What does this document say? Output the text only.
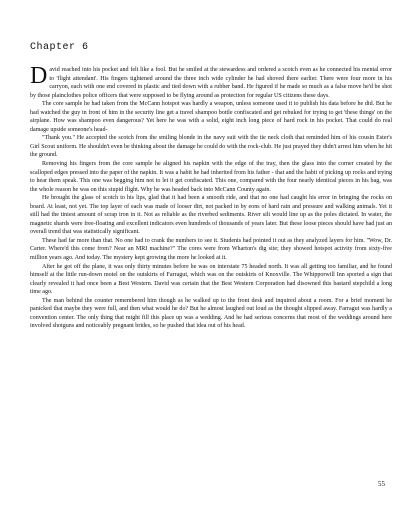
Chapter 6

David reached into his pocket and felt like a fool. But he smiled at the stewardess and ordered a scotch even as he connected his mental error to 'flight attendant'. His fingers tightened around the three inch wide cylinder he had shoved there earlier. There were four more in his carryon, each with one end covered in plastic and tied down with a rubber band. He figured if he made so much as a false move he'd be shot by those plainclothes police officers that were supposed to be flying around as protection for regular US citizens these days.

The core sample he had taken from the McCann hotspot was hardly a weapon, unless someone used it to publish his data before he did. But he had watched the guy in front of him in the security line get a travel shampoo bottle confiscated and get rebuked for trying to get 'these things' on the airplane. How was shampoo even dangerous? Yet here he was with a solid, eight inch long piece of hard rock in his pocket. That could do real damage upside someone's head-

"Thank you." He accepted the scotch from the smiling blonde in the navy suit with the tie neck cloth that reminded him of his cousin Ester's Girl Scout uniform. He shouldn't even be thinking about the damage he could do with the rock-club. He just prayed they didn't arrest him when he hit the ground.

Removing his fingers from the core sample he aligned his napkin with the edge of the tray, then the glass into the corner created by the scalloped edges pressed into the paper of the napkin. It was a habit he had inherited from his father - that and the habit of picking up rocks and trying to hear them speak. This one was begging him not to let it get confiscated. This one, compared with the four nearly identical pieces in his bag, was the whole reason he was on this stupid flight. Why he was headed back into McCann County again.

He brought the glass of scotch to his lips, glad that it had been a smooth ride, and that no one had caught his error in bringing the rocks on board. At least, not yet. The top layer of each was made of looser dirt, not packed in by eons of hard rain and pressure and walking animals. Yet it still had the tiniest amount of scrap iron in it. Not as reliable as the riverbed sediments. River silt would line up as the poles dictated. In water, the magnetic shards were free-floating and excellent indicators even hundreds of thousands of years later. But these loose pieces should have had just an overall trend that was statistically significant.

These had far more than that. No one had to crank the numbers to see it. Students had pointed it out as they analyzed layers for him. "Wow, Dr. Carter. Where'd this come from? Near an MRI machine?" The cores were from Wharton's dig site; they showed hotspot activity from sixty-five million years ago. And today. The mystery kept growing the more he looked at it.

After he got off the plane, it was only thirty minutes before he was on interstate 75 headed north. It was all getting too familiar, and he found himself at the little run-down motel on the outskirts of Farragut, which was on the outskirts of Knoxville. The Whipporwill Inn sported a sign that clearly revealed it had once been a Best Western. David was certain that the Best Western Corporation had disowned this bastard stepchild a long time ago.

The man behind the counter remembered him though as he walked up to the front desk and inquired about a room. For a brief moment he panicked that maybe they were full, and then what would he do? But he almost laughed out loud as the thought slipped away. Farragut was hardly a convention center. The only thing that might fill this place up was a wedding. And he had serious concerns that most of the weddings around here involved shotguns and noticeably pregnant brides, so he pushed that idea out of his head.

55
